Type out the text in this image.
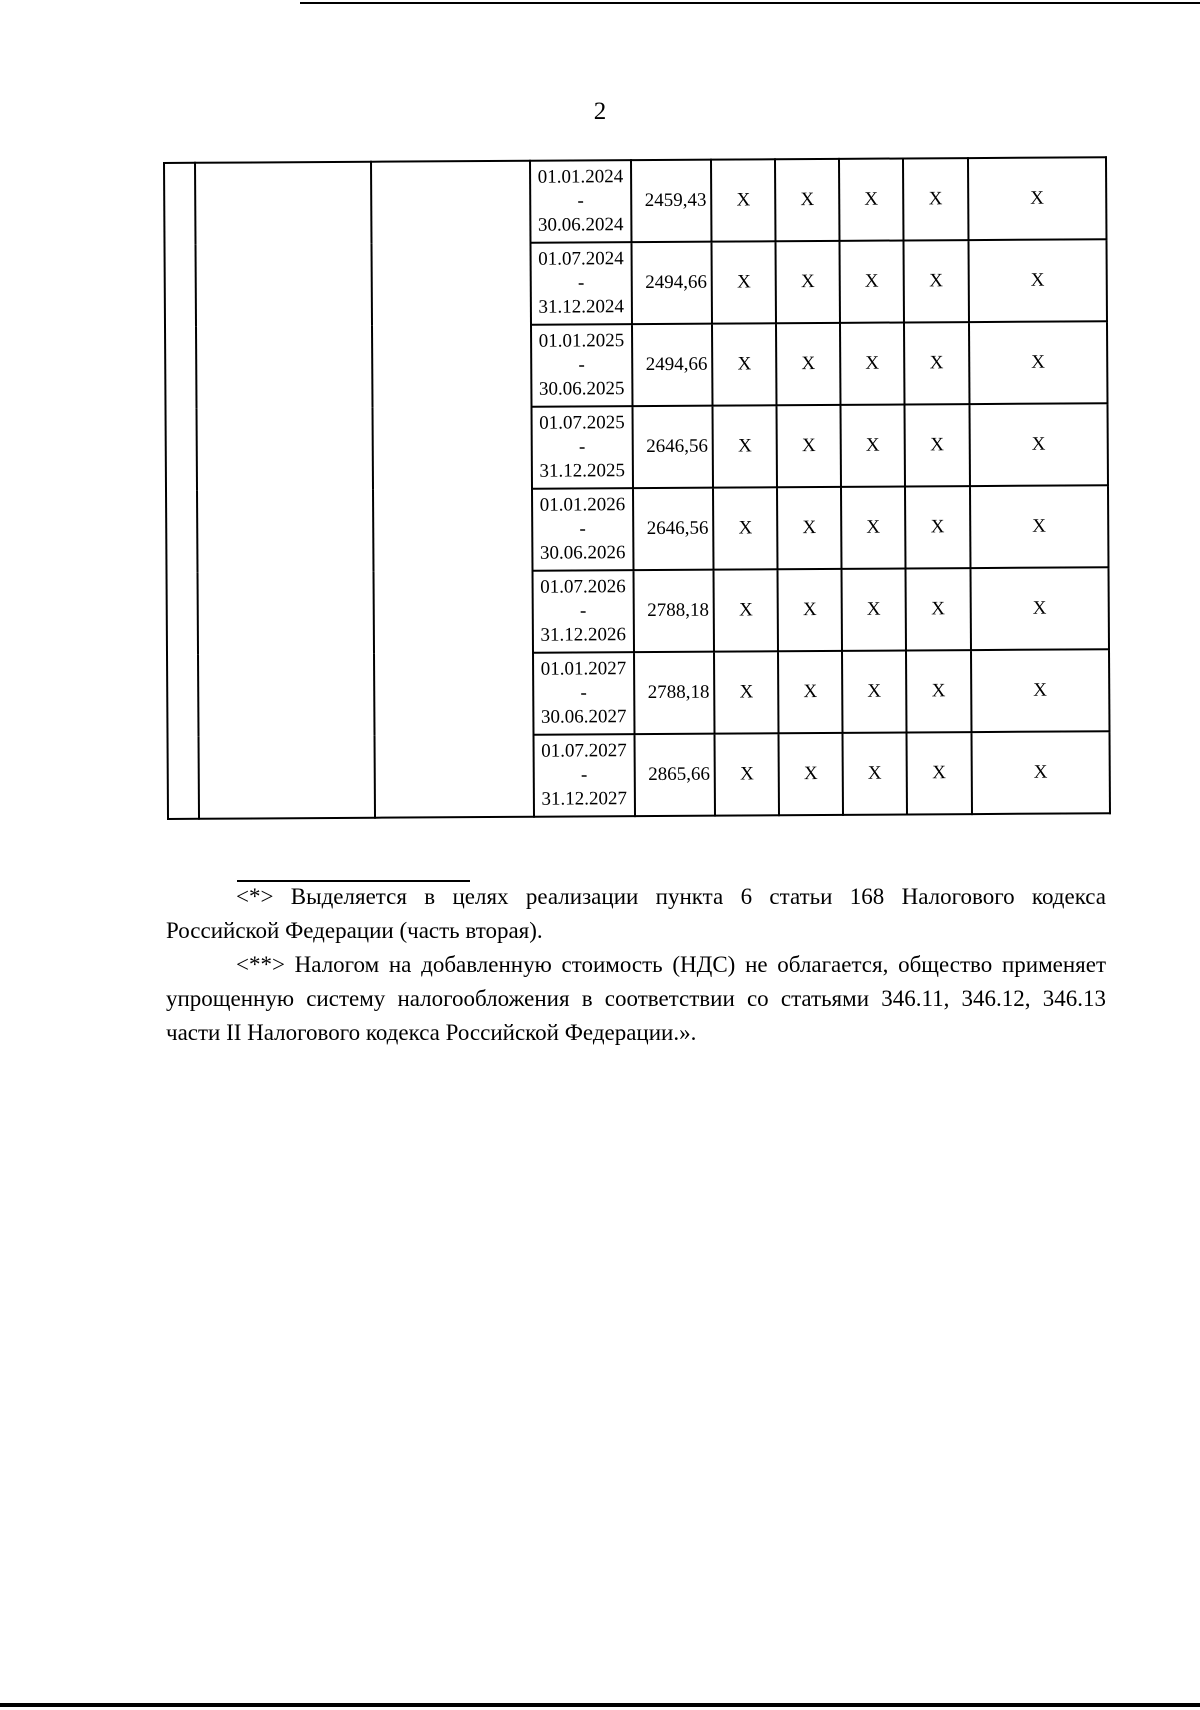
2

			01.01.2024
-
30.06.2024	2459,43	X	X	X	X	X

			01.07.2024
-
31.12.2024	2494,66	X	X	X	X	X

			01.01.2025
-
30.06.2025	2494,66	X	X	X	X	X

			01.07.2025
-
31.12.2025	2646,56	X	X	X	X	X

			01.01.2026
-
30.06.2026	2646,56	X	X	X	X	X

			01.07.2026
-
31.12.2026	2788,18	X	X	X	X	X

			01.01.2027
-
30.06.2027	2788,18	X	X	X	X	X

			01.07.2027
-
31.12.2027	2865,66	X	X	X	X	X

<*> Выделяется в целях реализации пункта 6 статьи 168 Налогового кодекса Российской Федерации (часть вторая).

<**> Налогом на добавленную стоимость (НДС) не облагается, общество применяет упрощенную систему налогообложения в соответствии со статьями 346.11, 346.12, 346.13 части II Налогового кодекса Российской Федерации.».
